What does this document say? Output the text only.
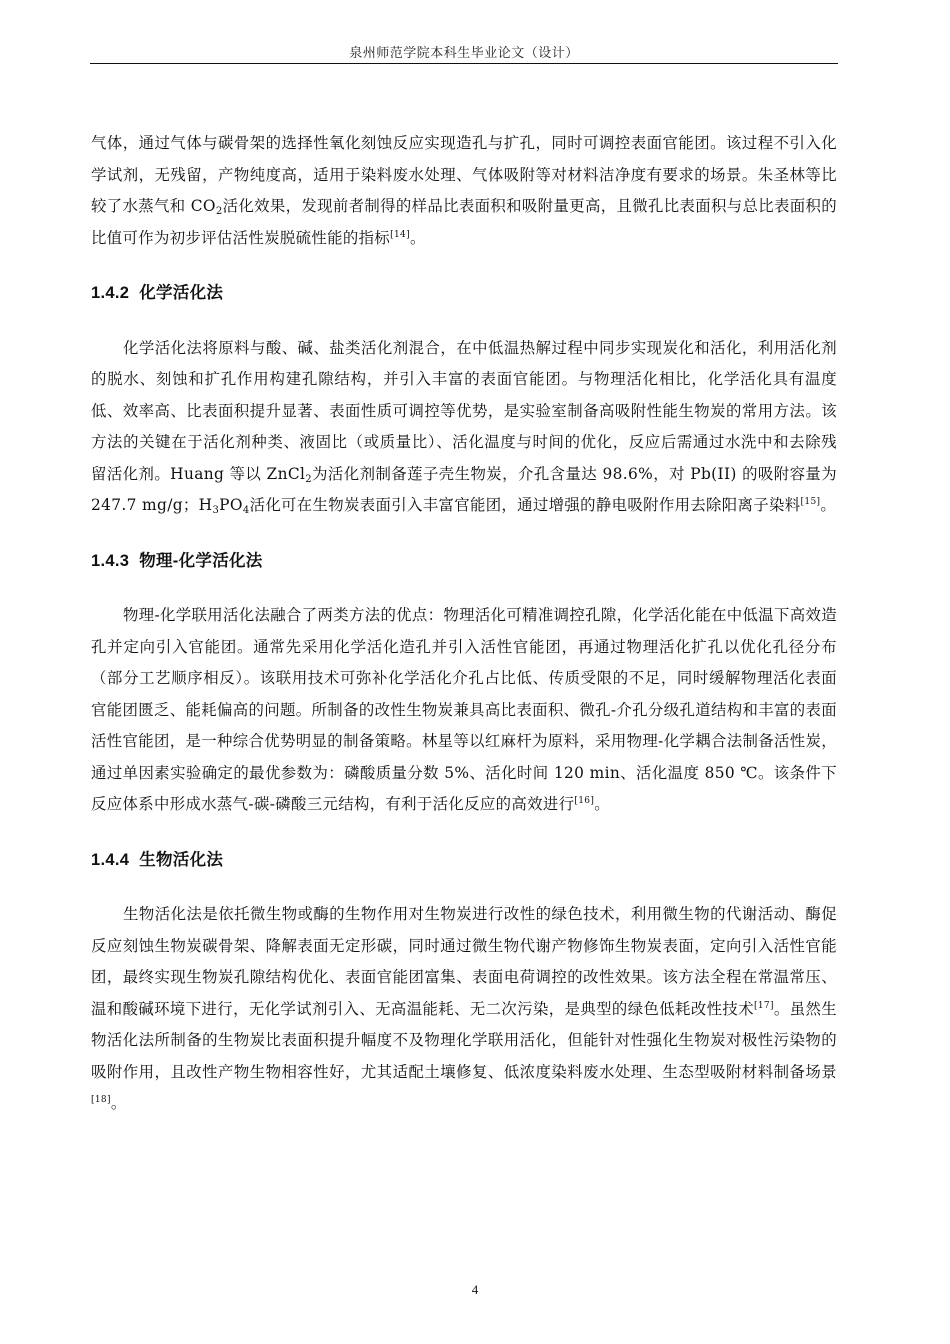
泉州师范学院本科生毕业论文（设计）

气体，通过气体与碳骨架的选择性氧化刻蚀反应实现造孔与扩孔，同时可调控表面官能团。该过程不引入化学试剂，无残留，产物纯度高，适用于染料废水处理、气体吸附等对材料洁净度有要求的场景。朱圣林等比较了水蒸气和 $CO_2$活化效果，发现前者制得的样品比表面积和吸附量更高，且微孔比表面积与总比表面积的比值可作为初步评估活性炭脱硫性能的指标[14]。

1.4.2 化学活化法

化学活化法将原料与酸、碱、盐类活化剂混合，在中低温热解过程中同步实现炭化和活化，利用活化剂的脱水、刻蚀和扩孔作用构建孔隙结构，并引入丰富的表面官能团。与物理活化相比，化学活化具有温度低、效率高、比表面积提升显著、表面性质可调控等优势，是实验室制备高吸附性能生物炭的常用方法。该方法的关键在于活化剂种类、液固比（或质量比）、活化温度与时间的优化，反应后需通过水洗中和去除残留活化剂。Huang 等以 ZnCl$_2$为活化剂制备莲子壳生物炭，介孔含量达 98.6%，对 Pb(II) 的吸附容量为 247.7 mg/g；$H_3PO_4$活化可在生物炭表面引入丰富官能团，通过增强的静电吸附作用去除阳离子染料[15]。

1.4.3 物理-化学活化法

物理-化学联用活化法融合了两类方法的优点：物理活化可精准调控孔隙，化学活化能在中低温下高效造孔并定向引入官能团。通常先采用化学活化造孔并引入活性官能团，再通过物理活化扩孔以优化孔径分布（部分工艺顺序相反）。该联用技术可弥补化学活化介孔占比低、传质受限的不足，同时缓解物理活化表面官能团匮乏、能耗偏高的问题。所制备的改性生物炭兼具高比表面积、微孔-介孔分级孔道结构和丰富的表面活性官能团，是一种综合优势明显的制备策略。林星等以红麻杆为原料，采用物理-化学耦合法制备活性炭，通过单因素实验确定的最优参数为：磷酸质量分数 5%、活化时间 120 min、活化温度 850 ℃。该条件下反应体系中形成水蒸气-碳-磷酸三元结构，有利于活化反应的高效进行[16]。

1.4.4 生物活化法

生物活化法是依托微生物或酶的生物作用对生物炭进行改性的绿色技术，利用微生物的代谢活动、酶促反应刻蚀生物炭碳骨架、降解表面无定形碳，同时通过微生物代谢产物修饰生物炭表面，定向引入活性官能团，最终实现生物炭孔隙结构优化、表面官能团富集、表面电荷调控的改性效果。该方法全程在常温常压、温和酸碱环境下进行，无化学试剂引入、无高温能耗、无二次污染，是典型的绿色低耗改性技术[17]。虽然生物活化法所制备的生物炭比表面积提升幅度不及物理化学联用活化，但能针对性强化生物炭对极性污染物的吸附作用，且改性产物生物相容性好，尤其适配土壤修复、低浓度染料废水处理、生态型吸附材料制备场景[18]。

4
